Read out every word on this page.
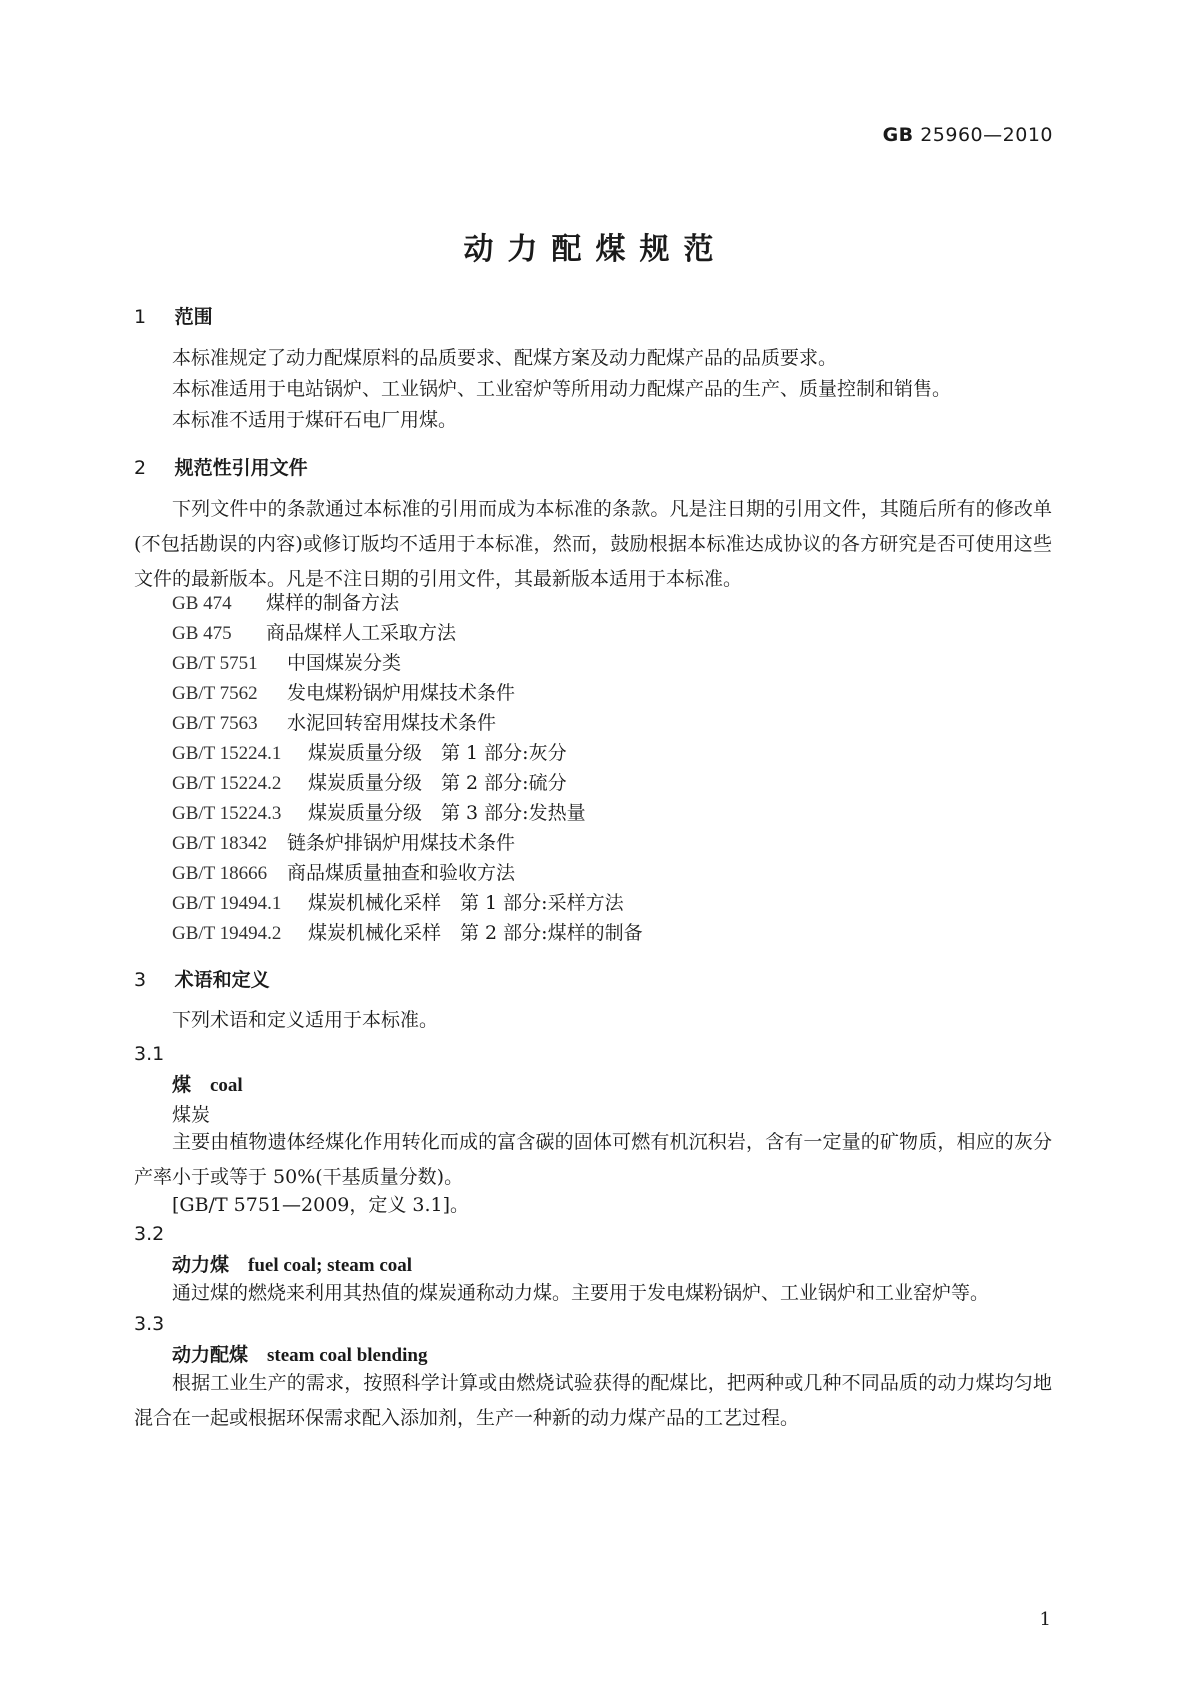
GB 25960—2010
动力配煤规范
1 范围
本标准规定了动力配煤原料的品质要求、配煤方案及动力配煤产品的品质要求。
本标准适用于电站锅炉、工业锅炉、工业窑炉等所用动力配煤产品的生产、质量控制和销售。
本标准不适用于煤矸石电厂用煤。
2 规范性引用文件
下列文件中的条款通过本标准的引用而成为本标准的条款。凡是注日期的引用文件，其随后所有的修改单(不包括勘误的内容)或修订版均不适用于本标准，然而，鼓励根据本标准达成协议的各方研究是否可使用这些文件的最新版本。凡是不注日期的引用文件，其最新版本适用于本标准。
GB 474 煤样的制备方法
GB 475 商品煤样人工采取方法
GB/T 5751 中国煤炭分类
GB/T 7562 发电煤粉锅炉用煤技术条件
GB/T 7563 水泥回转窑用煤技术条件
GB/T 15224.1 煤炭质量分级　第 1 部分:灰分
GB/T 15224.2 煤炭质量分级　第 2 部分:硫分
GB/T 15224.3 煤炭质量分级　第 3 部分:发热量
GB/T 18342 链条炉排锅炉用煤技术条件
GB/T 18666 商品煤质量抽查和验收方法
GB/T 19494.1 煤炭机械化采样　第 1 部分:采样方法
GB/T 19494.2 煤炭机械化采样　第 2 部分:煤样的制备
3 术语和定义
下列术语和定义适用于本标准。
3.1
煤　coal
煤炭
主要由植物遗体经煤化作用转化而成的富含碳的固体可燃有机沉积岩，含有一定量的矿物质，相应的灰分产率小于或等于 50%(干基质量分数)。
[GB/T 5751—2009，定义 3.1]。
3.2
动力煤　fuel coal; steam coal
通过煤的燃烧来利用其热值的煤炭通称动力煤。主要用于发电煤粉锅炉、工业锅炉和工业窑炉等。
3.3
动力配煤　steam coal blending
根据工业生产的需求，按照科学计算或由燃烧试验获得的配煤比，把两种或几种不同品质的动力煤均匀地混合在一起或根据环保需求配入添加剂，生产一种新的动力煤产品的工艺过程。
1
